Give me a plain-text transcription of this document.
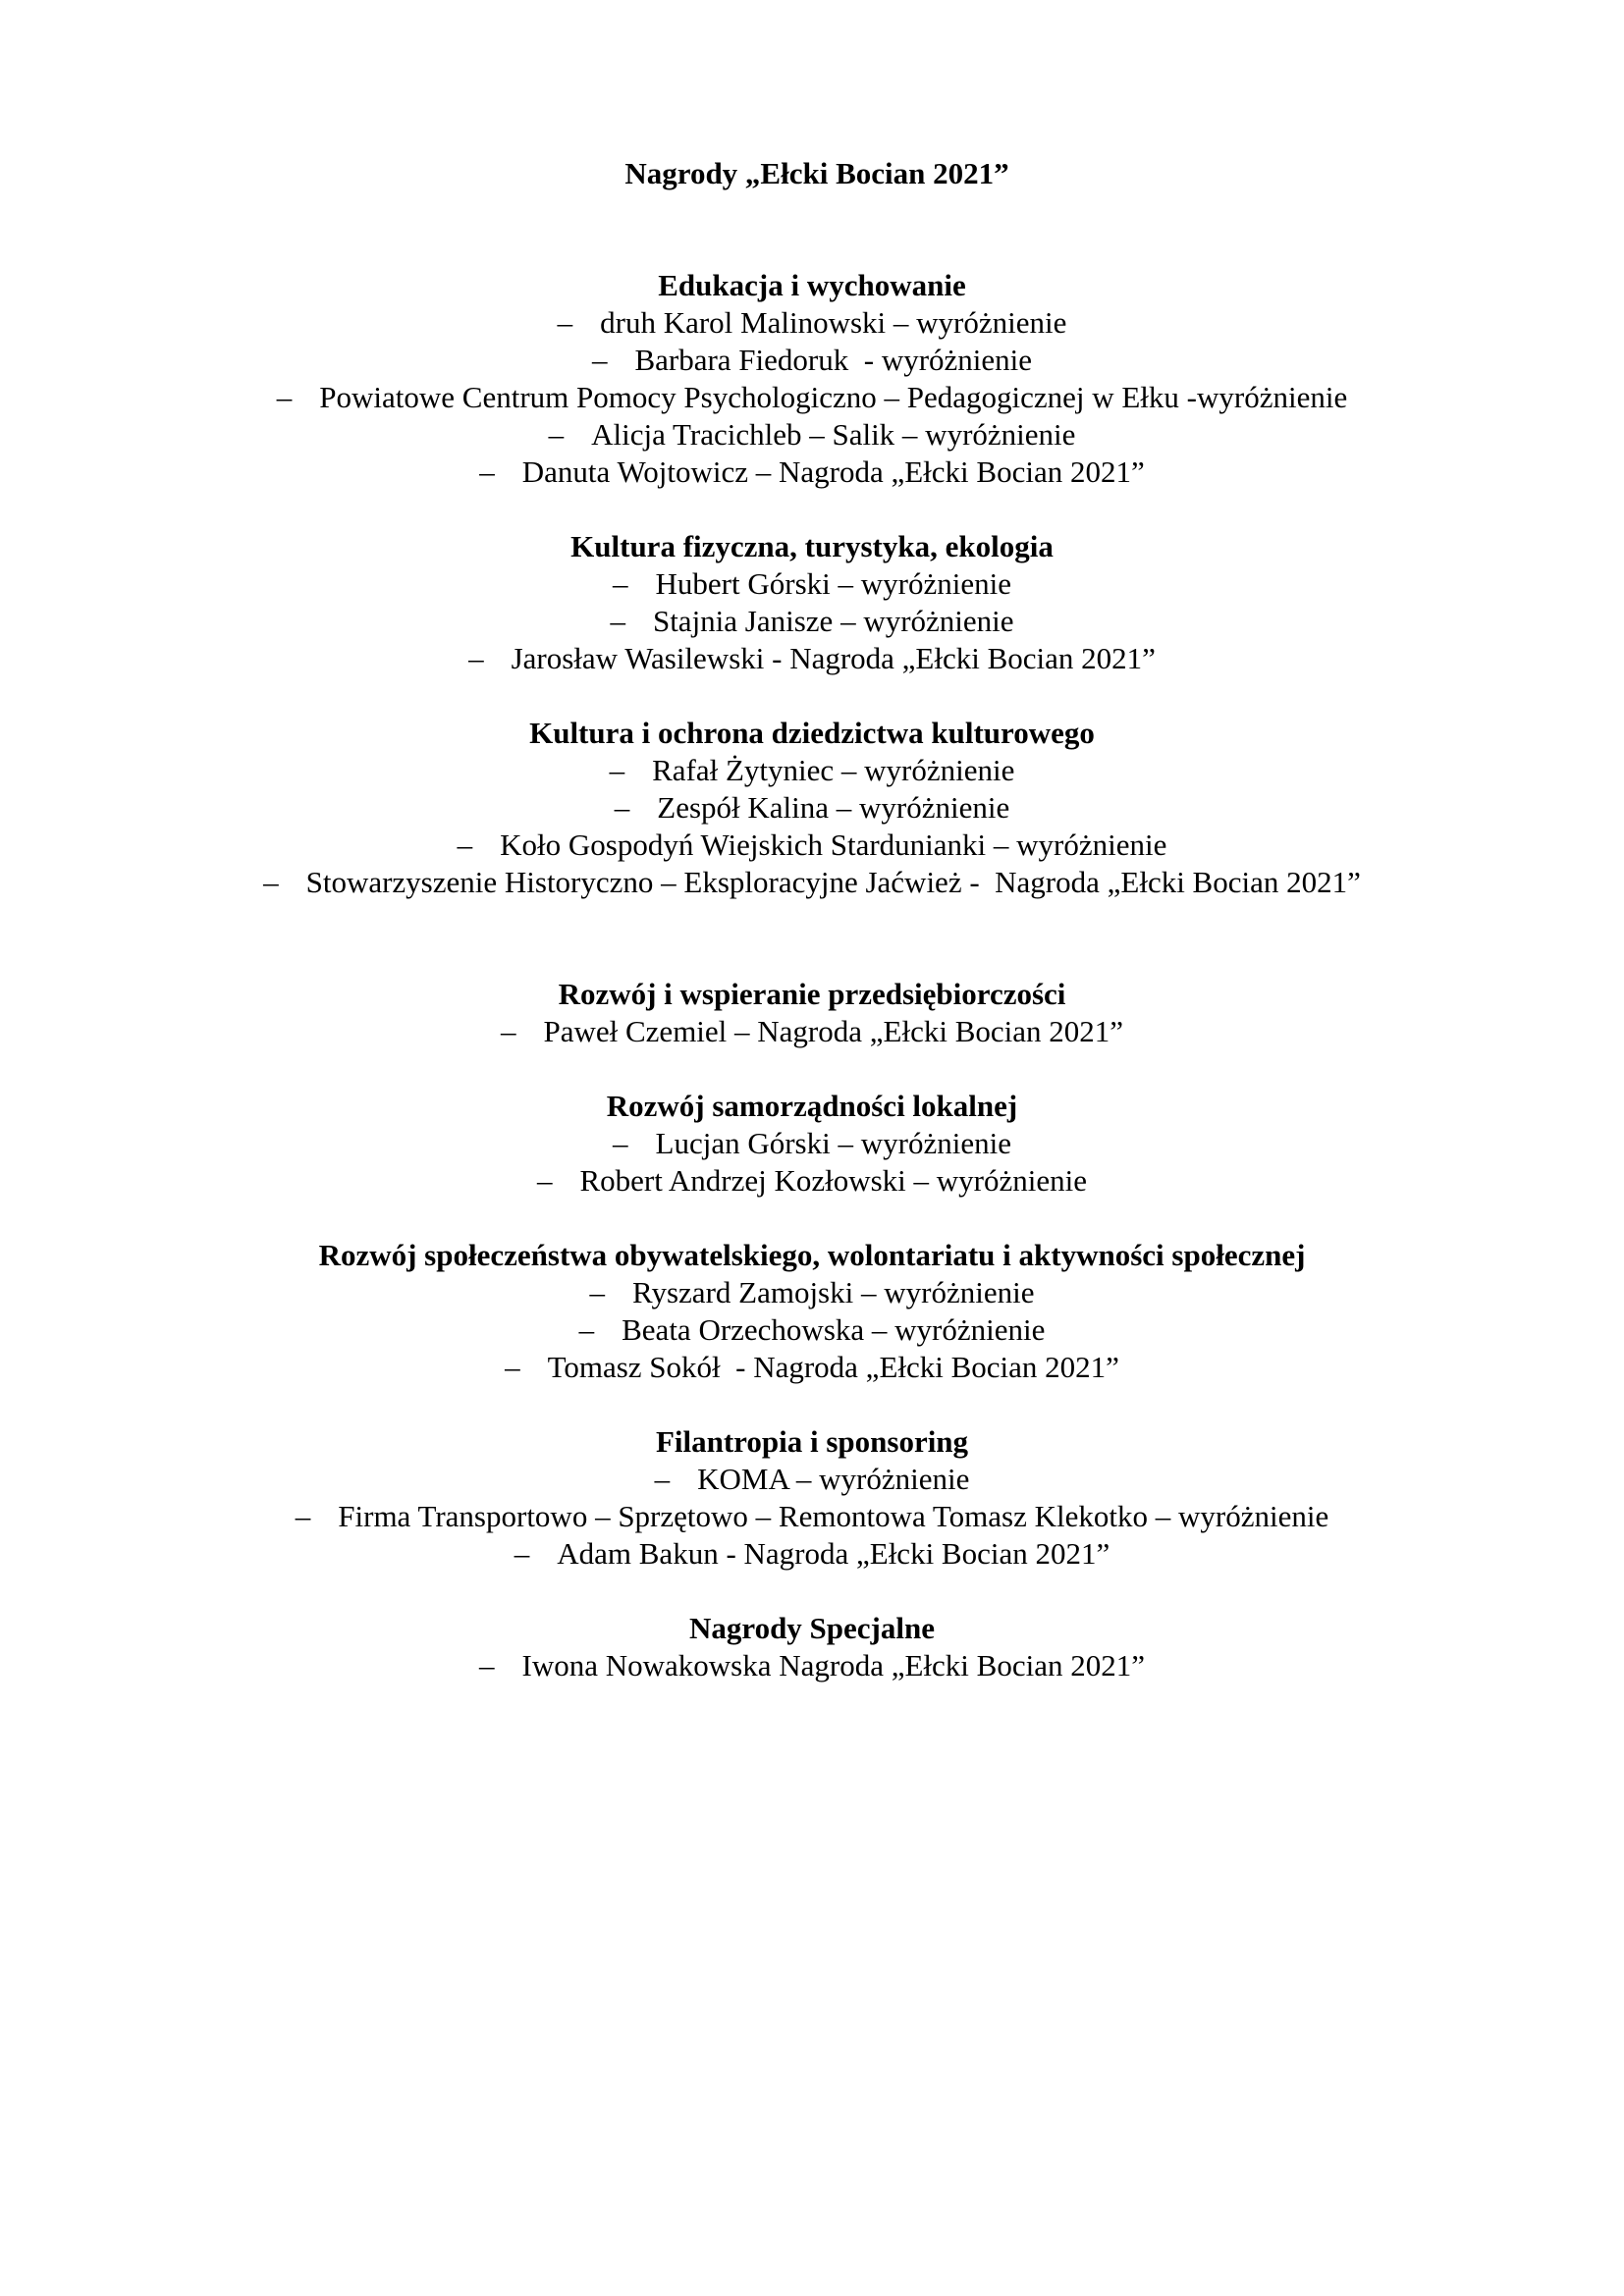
Nagrody „Ełcki Bocian 2021”
Edukacja i wychowanie
– druh Karol Malinowski – wyróżnienie
– Barbara Fiedoruk  - wyróżnienie
– Powiatowe Centrum Pomocy Psychologiczno – Pedagogicznej w Ełku -wyróżnienie
– Alicja Tracichleb – Salik – wyróżnienie
– Danuta Wojtowicz – Nagroda „Ełcki Bocian 2021”
Kultura fizyczna, turystyka, ekologia
– Hubert Górski – wyróżnienie
– Stajnia Janisze – wyróżnienie
– Jarosław Wasilewski - Nagroda „Ełcki Bocian 2021”
Kultura i ochrona dziedzictwa kulturowego
– Rafał Żytyniec – wyróżnienie
– Zespół Kalina – wyróżnienie
– Koło Gospodyń Wiejskich Stardunianki – wyróżnienie
– Stowarzyszenie Historyczno – Eksploracyjne Jaćwież -  Nagroda „Ełcki Bocian 2021”
Rozwój i wspieranie przedsiębiorczości
– Paweł Czemiel – Nagroda „Ełcki Bocian 2021”
Rozwój samorządności lokalnej
– Lucjan Górski – wyróżnienie
– Robert Andrzej Kozłowski – wyróżnienie
Rozwój społeczeństwa obywatelskiego, wolontariatu i aktywności społecznej
– Ryszard Zamojski – wyróżnienie
– Beata Orzechowska – wyróżnienie
– Tomasz Sokół  - Nagroda „Ełcki Bocian 2021”
Filantropia i sponsoring
– KOMA – wyróżnienie
– Firma Transportowo – Sprzętowo – Remontowa Tomasz Klekotko – wyróżnienie
– Adam Bakun - Nagroda „Ełcki Bocian 2021”
Nagrody Specjalne
– Iwona Nowakowska Nagroda „Ełcki Bocian 2021”
